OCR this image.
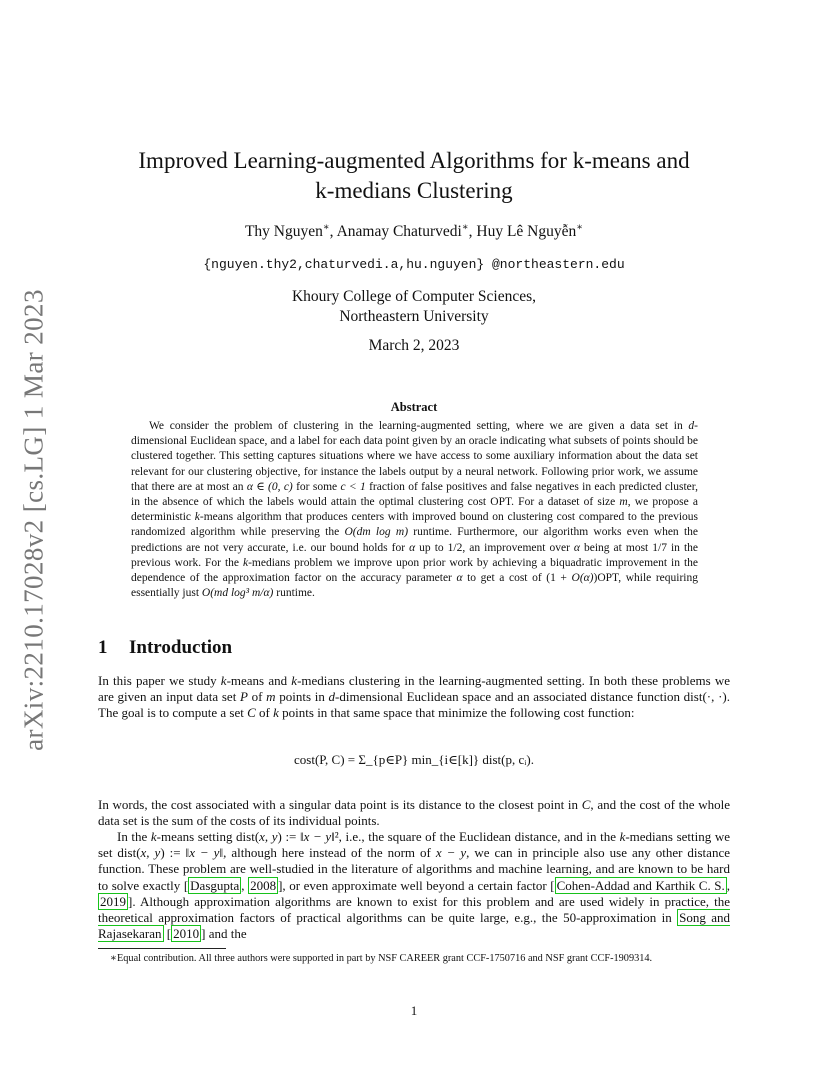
arXiv:2210.17028v2 [cs.LG] 1 Mar 2023
Improved Learning-augmented Algorithms for k-means and
k-medians Clustering
Thy Nguyen∗, Anamay Chaturvedi∗, Huy Lê Nguyễn∗
{nguyen.thy2,chaturvedi.a,hu.nguyen} @northeastern.edu
Khoury College of Computer Sciences,
Northeastern University
March 2, 2023
Abstract
We consider the problem of clustering in the learning-augmented setting, where we are given a data set in d-dimensional Euclidean space, and a label for each data point given by an oracle indicating what subsets of points should be clustered together. This setting captures situations where we have access to some auxiliary information about the data set relevant for our clustering objective, for instance the labels output by a neural network. Following prior work, we assume that there are at most an α ∈ (0, c) for some c < 1 fraction of false positives and false negatives in each predicted cluster, in the absence of which the labels would attain the optimal clustering cost OPT. For a dataset of size m, we propose a deterministic k-means algorithm that produces centers with improved bound on clustering cost compared to the previous randomized algorithm while preserving the O(dm log m) runtime. Furthermore, our algorithm works even when the predictions are not very accurate, i.e. our bound holds for α up to 1/2, an improvement over α being at most 1/7 in the previous work. For the k-medians problem we improve upon prior work by achieving a biquadratic improvement in the dependence of the approximation factor on the accuracy parameter α to get a cost of (1 + O(α))OPT, while requiring essentially just O(md log³ m/α) runtime.
1 Introduction
In this paper we study k-means and k-medians clustering in the learning-augmented setting. In both these problems we are given an input data set P of m points in d-dimensional Euclidean space and an associated distance function dist(·, ·). The goal is to compute a set C of k points in that same space that minimize the following cost function:
cost(P, C) = Σ_{p∈P} min_{i∈[k]} dist(p, cᵢ).
In words, the cost associated with a singular data point is its distance to the closest point in C, and the cost of the whole data set is the sum of the costs of its individual points.
In the k-means setting dist(x, y) := ‖x − y‖², i.e., the square of the Euclidean distance, and in the k-medians setting we set dist(x, y) := ‖x − y‖, although here instead of the norm of x − y, we can in principle also use any other distance function. These problem are well-studied in the literature of algorithms and machine learning, and are known to be hard to solve exactly [ Dasgupta , 2008 ], or even approximate well beyond a certain factor [ Cohen-Addad and Karthik C. S. , 2019 ]. Although approximation algorithms are known to exist for this problem and are used widely in practice, the theoretical approximation factors of practical algorithms can be quite large, e.g., the 50-approximation in Song and Rajasekaran [ 2010 ] and the
∗Equal contribution. All three authors were supported in part by NSF CAREER grant CCF-1750716 and NSF grant CCF-1909314.
1
